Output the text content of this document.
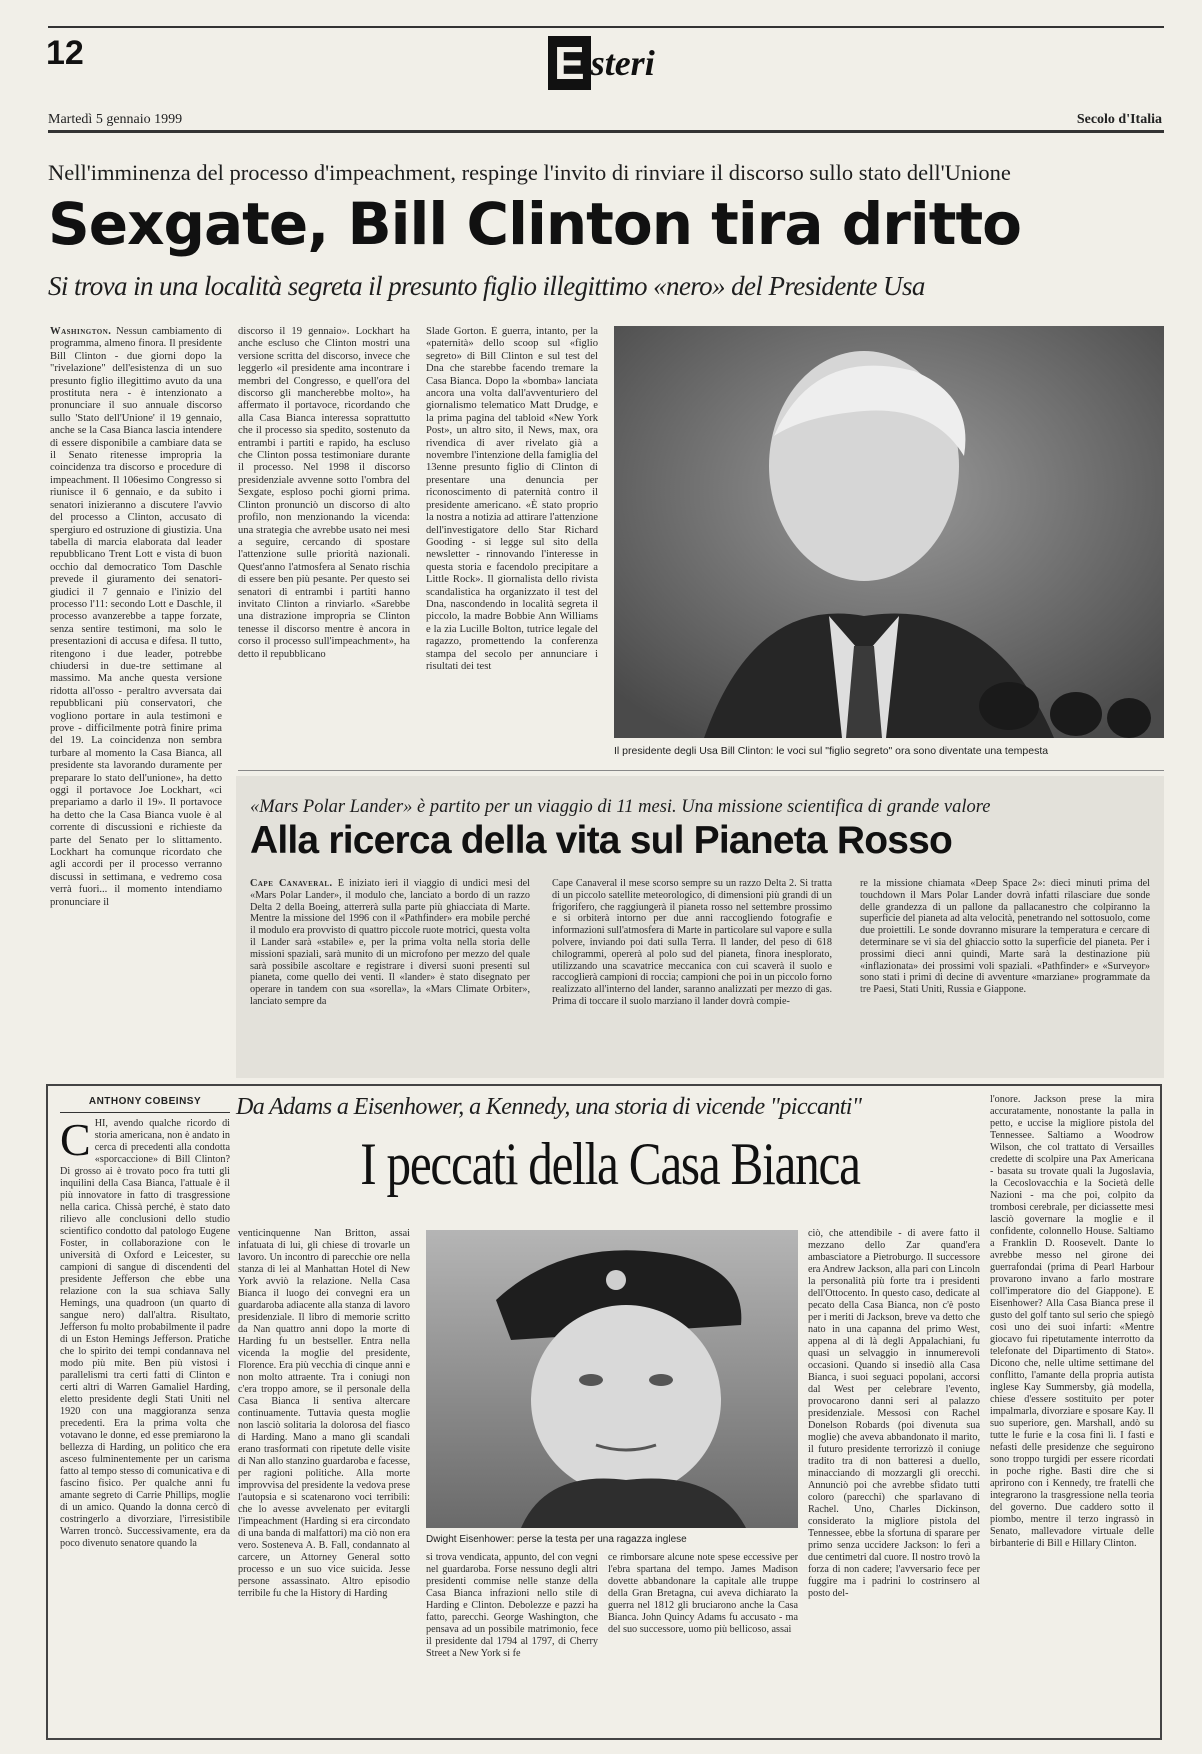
12	E steri
Martedì 5 gennaio 1999	Secolo d'Italia
Nell'imminenza del processo d'impeachment, respinge l'invito di rinviare il discorso sullo stato dell'Unione
Sexgate, Bill Clinton tira dritto
Si trova in una località segreta il presunto figlio illegittimo «nero» del Presidente Usa
Washington. Nessun cambiamento di programma, almeno finora. Il presidente Bill Clinton - due giorni dopo la "rivelazione" dell'esistenza di un suo presunto figlio illegittimo avuto da una prostituta nera - è intenzionato a pronunciare il suo annuale discorso sullo 'Stato dell'Unione' il 19 gennaio, anche se la Casa Bianca lascia intendere di essere disponibile a cambiare data se il Senato ritenesse impropria la coincidenza tra discorso e procedure di impeachment. Il 106esimo Congresso si riunisce il 6 gennaio, e da subito i senatori inizieranno a discutere l'avvio del processo a Clinton, accusato di spergiuro ed ostruzione di giustizia. Una tabella di marcia elaborata dal leader repubblicano Trent Lott e vista di buon occhio dal democratico Tom Daschle prevede il giuramento dei senatori-giudici il 7 gennaio e l'inizio del processo l'11: secondo Lott e Daschle, il processo avanzerebbe a tappe forzate, senza sentire testimoni, ma solo le presentazioni di accusa e difesa. Il tutto, ritengono i due leader, potrebbe chiudersi in due-tre settimane al massimo. Ma anche questa versione ridotta all'osso - peraltro avversata dai repubblicani più conservatori, che vogliono portare in aula testimoni e prove - difficilmente potrà finire prima del 19. La coincidenza non sembra turbare al momento la Casa Bianca, all presidente sta lavorando duramente per preparare lo stato dell'unione», ha detto oggi il portavoce Joe Lockhart, «ci prepariamo a darlo il 19». Il portavoce ha detto che la Casa Bianca vuole è al corrente di discussioni e richieste da parte del Senato per lo slittamento. Lockhart ha comunque ricordato che agli accordi per il processo verranno discussi in settimana, e vedremo cosa verrà fuori... il momento intendiamo pronunciare il
discorso il 19 gennaio». Lockhart ha anche escluso che Clinton mostri una versione scritta del discorso, invece che leggerlo «il presidente ama incontrare i membri del Congresso, e quell'ora del discorso gli mancherebbe molto», ha affermato il portavoce, ricordando che alla Casa Bianca interessa soprattutto che il processo sia spedito, sostenuto da entrambi i partiti e rapido, ha escluso che Clinton possa testimoniare durante il processo. Nel 1998 il discorso presidenziale avvenne sotto l'ombra del Sexgate, esploso pochi giorni prima. Clinton pronunciò un discorso di alto profilo, non menzionando la vicenda: una strategia che avrebbe usato nei mesi a seguire, cercando di spostare l'attenzione sulle priorità nazionali. Quest'anno l'atmosfera al Senato rischia di essere ben più pesante. Per questo sei senatori di entrambi i partiti hanno invitato Clinton a rinviarlo. «Sarebbe una distrazione impropria se Clinton tenesse il discorso mentre è ancora in corso il processo sull'impeachment», ha detto il repubblicano
Slade Gorton. È guerra, intanto, per la «paternità» dello scoop sul «figlio segreto» di Bill Clinton e sul test del Dna che starebbe facendo tremare la Casa Bianca. Dopo la «bomba» lanciata ancora una volta dall'avventuriero del giornalismo telematico Matt Drudge, e la prima pagina del tabloid «New York Post», un altro sito, il News, max, ora rivendica di aver rivelato già a novembre l'intenzione della famiglia del 13enne presunto figlio di Clinton di presentare una denuncia per riconoscimento di paternità contro il presidente americano. «È stato proprio la nostra a notizia ad attirare l'attenzione dell'investigatore dello Star Richard Gooding - si legge sul sito della newsletter - rinnovando l'interesse in questa storia e facendolo precipitare a Little Rock». Il giornalista dello rivista scandalistica ha organizzato il test del Dna, nascondendo in località segreta il piccolo, la madre Bobbie Ann Williams e la zia Lucille Bolton, tutrice legale del ragazzo, promettendo la conferenza stampa del secolo per annunciare i risultati dei test
Il presidente degli Usa Bill Clinton: le voci sul "figlio segreto" ora sono diventate una tempesta
«Mars Polar Lander» è partito per un viaggio di 11 mesi. Una missione scientifica di grande valore
Alla ricerca della vita sul Pianeta Rosso
Cape Canaveral. È iniziato ieri il viaggio di undici mesi del «Mars Polar Lander», il modulo che, lanciato a bordo di un razzo Delta 2 della Boeing, atterrerà sulla parte più ghiacciata di Marte. Mentre la missione del 1996 con il «Pathfinder» era mobile perché il modulo era provvisto di quattro piccole ruote motrici, questa volta il Lander sarà «stabile» e, per la prima volta nella storia delle missioni spaziali, sarà munito di un microfono per mezzo del quale sarà possibile ascoltare e registrare i diversi suoni presenti sul pianeta, come quello dei venti. Il «lander» è stato disegnato per operare in tandem con sua «sorella», la «Mars Climate Orbiter», lanciato sempre da
Cape Canaveral il mese scorso sempre su un razzo Delta 2. Si tratta di un piccolo satellite meteorologico, di dimensioni più grandi di un frigorifero, che raggiungerà il pianeta rosso nel settembre prossimo e si orbiterà intorno per due anni raccogliendo fotografie e informazioni sull'atmosfera di Marte in particolare sul vapore e sulla polvere, inviando poi dati sulla Terra. Il lander, del peso di 618 chilogrammi, opererà al polo sud del pianeta, finora inesplorato, utilizzando una scavatrice meccanica con cui scaverà il suolo e raccoglierà campioni di roccia; campioni che poi in un piccolo forno realizzato all'interno del lander, saranno analizzati per mezzo di gas. Prima di toccare il suolo marziano il lander dovrà compie-
re la missione chiamata «Deep Space 2»: dieci minuti prima del touchdown il Mars Polar Lander dovrà infatti rilasciare due sonde delle grandezza di un pallone da pallacanestro che colpiranno la superficie del pianeta ad alta velocità, penetrando nel sottosuolo, come due proiettili. Le sonde dovranno misurare la temperatura e cercare di determinare se vi sia del ghiaccio sotto la superficie del pianeta. Per i prossimi dieci anni quindi, Marte sarà la destinazione più «inflazionata» dei prossimi voli spaziali. «Pathfinder» e «Surveyor» sono stati i primi di decine di avventure «marziane» programmate da tre Paesi, Stati Uniti, Russia e Giappone.
ANTHONY COBEINSY	Da Adams a Eisenhower, a Kennedy, una storia di vicende "piccanti"
I peccati della Casa Bianca
C HI, avendo qualche ricordo di storia americana, non è andato in cerca di precedenti alla condotta «sporcaccione» di Bill Clinton? Di grosso ai è trovato poco fra tutti gli inquilini della Casa Bianca, l'attuale è il più innovatore in fatto di trasgressione nella carica. Chissà perché, è stato dato rilievo alle conclusioni dello studio scientifico condotto dal patologo Eugene Foster, in collaborazione con le università di Oxford e Leicester, su campioni di sangue di discendenti del presidente Jefferson che ebbe una relazione con la sua schiava Sally Hemings, una quadroon (un quarto di sangue nero) dall'altra. Risultato, Jefferson fu molto probabilmente il padre di un Eston Hemings Jefferson. Pratiche che lo spirito dei tempi condannava nel modo più mite. Ben più vistosi i parallelismi tra certi fatti di Clinton e certi altri di Warren Gamaliel Harding, eletto presidente degli Stati Uniti nel 1920 con una maggioranza senza precedenti. Era la prima volta che votavano le donne, ed esse premiarono la bellezza di Harding, un politico che era asceso fulminentemente per un carisma fatto al tempo stesso di comunicativa e di fascino fisico. Per qualche anni fu amante segreto di Carrie Phillips, moglie di un amico. Quando la donna cercò di costringerlo a divorziare, l'irresistibile Warren troncò. Successivamente, era da poco divenuto senatore quando la
venticinquenne Nan Britton, assai infatuata di lui, gli chiese di trovarle un lavoro. Un incontro di parecchie ore nella stanza di lei al Manhattan Hotel di New York avviò la relazione. Nella Casa Bianca il luogo dei convegni era un guardaroba adiacente alla stanza di lavoro presidenziale. Il libro di memorie scritto da Nan quattro anni dopo la morte di Harding fu un bestseller. Entra nella vicenda la moglie del presidente, Florence. Era più vecchia di cinque anni e non molto attraente. Tra i coniugi non c'era troppo amore, se il personale della Casa Bianca li sentiva altercare continuamente. Tuttavia questa moglie non lasciò solitaria la dolorosa del fiasco di Harding. Mano a mano gli scandali erano trasformati con ripetute delle visite di Nan allo stanzino guardaroba e facesse, per ragioni politiche. Alla morte improvvisa del presidente la vedova prese l'autopsia e si scatenarono voci terribili: che lo avesse avvelenato per evitargli l'impeachment (Harding si era circondato di una banda di malfattori) ma ciò non era vero. Sosteneva A. B. Fall, condannato al carcere, un Attorney General sotto processo e un suo vice suicida. Jesse persone assassinato. Altro episodio terribile fu che la History di Harding
Dwight Eisenhower: perse la testa per una ragazza inglese
si trova vendicata, appunto, del con vegni nel guardaroba. Forse nessuno degli altri presidenti commise nelle stanze della Casa Bianca infrazioni nello stile di Harding e Clinton. Debolezze e pazzi ha fatto, parecchi. George Washington, che pensava ad un possibile matrimonio, fece il presidente dal 1794 al 1797, di Cherry Street a New York si fe
ce rimborsare alcune note spese eccessive per l'ebra spartana del tempo. James Madison dovette abbandonare la capitale alle truppe della Gran Bretagna, cui aveva dichiarato la guerra nel 1812 gli bruciarono anche la Casa Bianca. John Quincy Adams fu accusato - ma del suo successore, uomo più bellicoso, assai
ciò, che attendibile - di avere fatto il mezzano dello Zar quand'era ambasciatore a Pietroburgo. Il successore era Andrew Jackson, alla pari con Lincoln la personalità più forte tra i presidenti dell'Ottocento. In questo caso, dedicate al pecato della Casa Bianca, non c'è posto per i meriti di Jackson, breve va detto che nato in una capanna del primo West, appena al di là degli Appalachiani, fu quasi un selvaggio in innumerevoli occasioni. Quando si insediò alla Casa Bianca, i suoi seguaci popolani, accorsi dal West per celebrare l'evento, provocarono danni seri al palazzo presidenziale. Messosi con Rachel Donelson Robards (poi divenuta sua moglie) che aveva abbandonato il marito, il futuro presidente terrorizzò il coniuge tradito tra di non batteresi a duello, minacciando di mozzargli gli orecchi. Annunciò poi che avrebbe sfidato tutti coloro (parecchi) che sparlavano di Rachel. Uno, Charles Dickinson, considerato la migliore pistola del Tennessee, ebbe la sfortuna di sparare per primo senza uccidere Jackson: lo ferì a due centimetri dal cuore. Il nostro trovò la forza di non cadere; l'avversario fece per fuggire ma i padrini lo costrinsero al posto del-
l'onore. Jackson prese la mira accuratamente, nonostante la palla in petto, e uccise la migliore pistola del Tennessee. Saltiamo a Woodrow Wilson, che col trattato di Versailles credette di scolpire una Pax Americana - basata su trovate quali la Jugoslavia, la Cecoslovacchia e la Società delle Nazioni - ma che poi, colpito da trombosi cerebrale, per diciassette mesi lasciò governare la moglie e il confidente, colonnello House. Saltiamo a Franklin D. Roosevelt. Dante lo avrebbe messo nel girone dei guerrafondai (prima di Pearl Harbour provarono invano a farlo mostrare coll'imperatore dio del Giappone). E Eisenhower? Alla Casa Bianca prese il gusto del golf tanto sul serio che spiegò così uno dei suoi infarti: «Mentre giocavo fui ripetutamente interrotto da telefonate del Dipartimento di Stato». Dicono che, nelle ultime settimane del conflitto, l'amante della propria autista inglese Kay Summersby, già modella, chiese d'essere sostituito per poter impalmarla, divorziare e sposare Kay. Il suo superiore, gen. Marshall, andò su tutte le furie e la cosa finì lì. I fasti e nefasti delle presidenze che seguirono sono troppo turgidi per essere ricordati in poche righe. Basti dire che si aprirono con i Kennedy, tre fratelli che integrarono la trasgressione nella teoria del governo. Due caddero sotto il piombo, mentre il terzo ingrassò in Senato, mallevadore virtuale delle birbanterie di Bill e Hillary Clinton.
